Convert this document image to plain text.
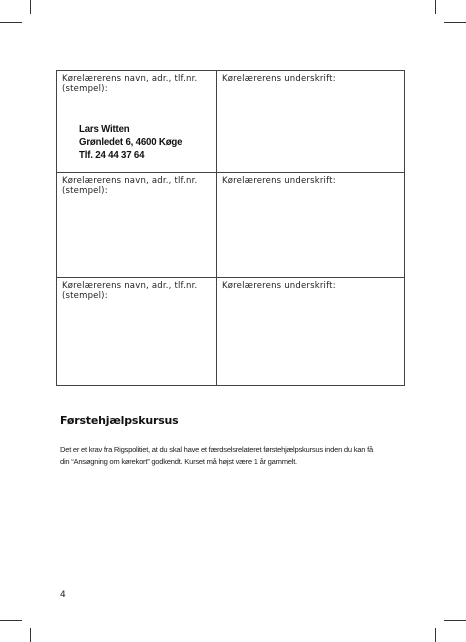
Kørelærerens navn, adr., tlf.nr.
(stempel):
Lars Witten
Grønledet 6, 4600 Køge
Tlf. 24 44 37 64
Kørelærerens underskrift:
Kørelærerens navn, adr., tlf.nr.
(stempel):
Kørelærerens underskrift:
Kørelærerens navn, adr., tlf.nr.
(stempel):
Kørelærerens underskrift:
Førstehjælpskursus

Det er et krav fra Rigspolitiet, at du skal have et færdselsrelateret førstehjælpskursus inden du kan få
din “Ansøgning om kørekort” godkendt. Kurset må højst være 1 år gammelt.

4
